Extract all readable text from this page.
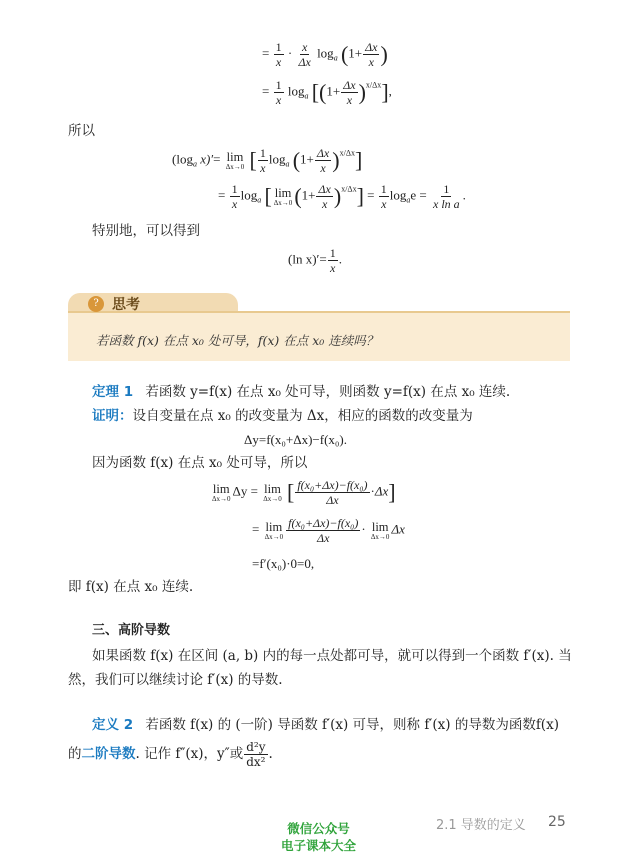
= $\frac{1}{x} \cdot \frac{x}{\Delta x} \log_a (1+ \frac{\Delta x}{x}$ )
= $\frac{1}{x} \log_a [(1+ \frac{\Delta x}{x} )^{x/\Delta x}]$,
所以
($\log_a$ x)′= lim
Δx→0 [ $\frac{1}{x} \log_a (1+ \frac{\Delta x}{x} )^{x/\Delta x}$]
= $\frac{1}{x} \log_a$ [ lim
Δx→0 $(1+ \frac{\Delta x}{x} )^{x/\Delta x}] = \frac{1}{x} \log_ae = \frac{1}{\text{x ln a}}$ .
特别地，可以得到
(ln $x)'= \frac{1}{x}$ .
? 思考
若函数 f(x) 在点 x₀ 处可导，f(x) 在点 x₀ 连续吗？
定理 1 若函数 y=f(x) 在点 x₀ 处可导，则函数 y=f(x) 在点 x₀ 连续.
证明：设自变量在点 x₀ 的改变量为 Δx，相应的函数的改变量为
Δy=f(x₀+Δx)−f(x₀).
因为函数 f(x) 在点 x₀ 处可导，所以
lim
Δx→0
Δy = lim
Δx→0 [ $\frac{\text{f(x₀+Δx)−f(x₀)}}{\Delta x} \cdot\Delta x$]
= lim
$\Delta x\to 0 \frac{\text{f(x₀+Δx)−f(x₀)}}{\Delta x} \cdot \lim$
Δx→0
Δx
=f′(x₀)·0=0,
即 f(x) 在点 x₀ 连续.
三、高阶导数
如果函数 f(x) 在区间 (a, b) 内的每一点处都可导，就可以得到一个函数 f′(x). 当
然，我们可以继续讨论 f′(x) 的导数.
定义 2 若函数 f(x) 的 (一阶) 导函数 f′(x) 可导，则称 f′(x) 的导数为函数f(x)
的二阶导数. 记作 f″(x)，y″或 $\frac{\text{d²y}}{\text{dx²}}$ .
微信公众号
电子课本大全
2.1 导数的定义 25
